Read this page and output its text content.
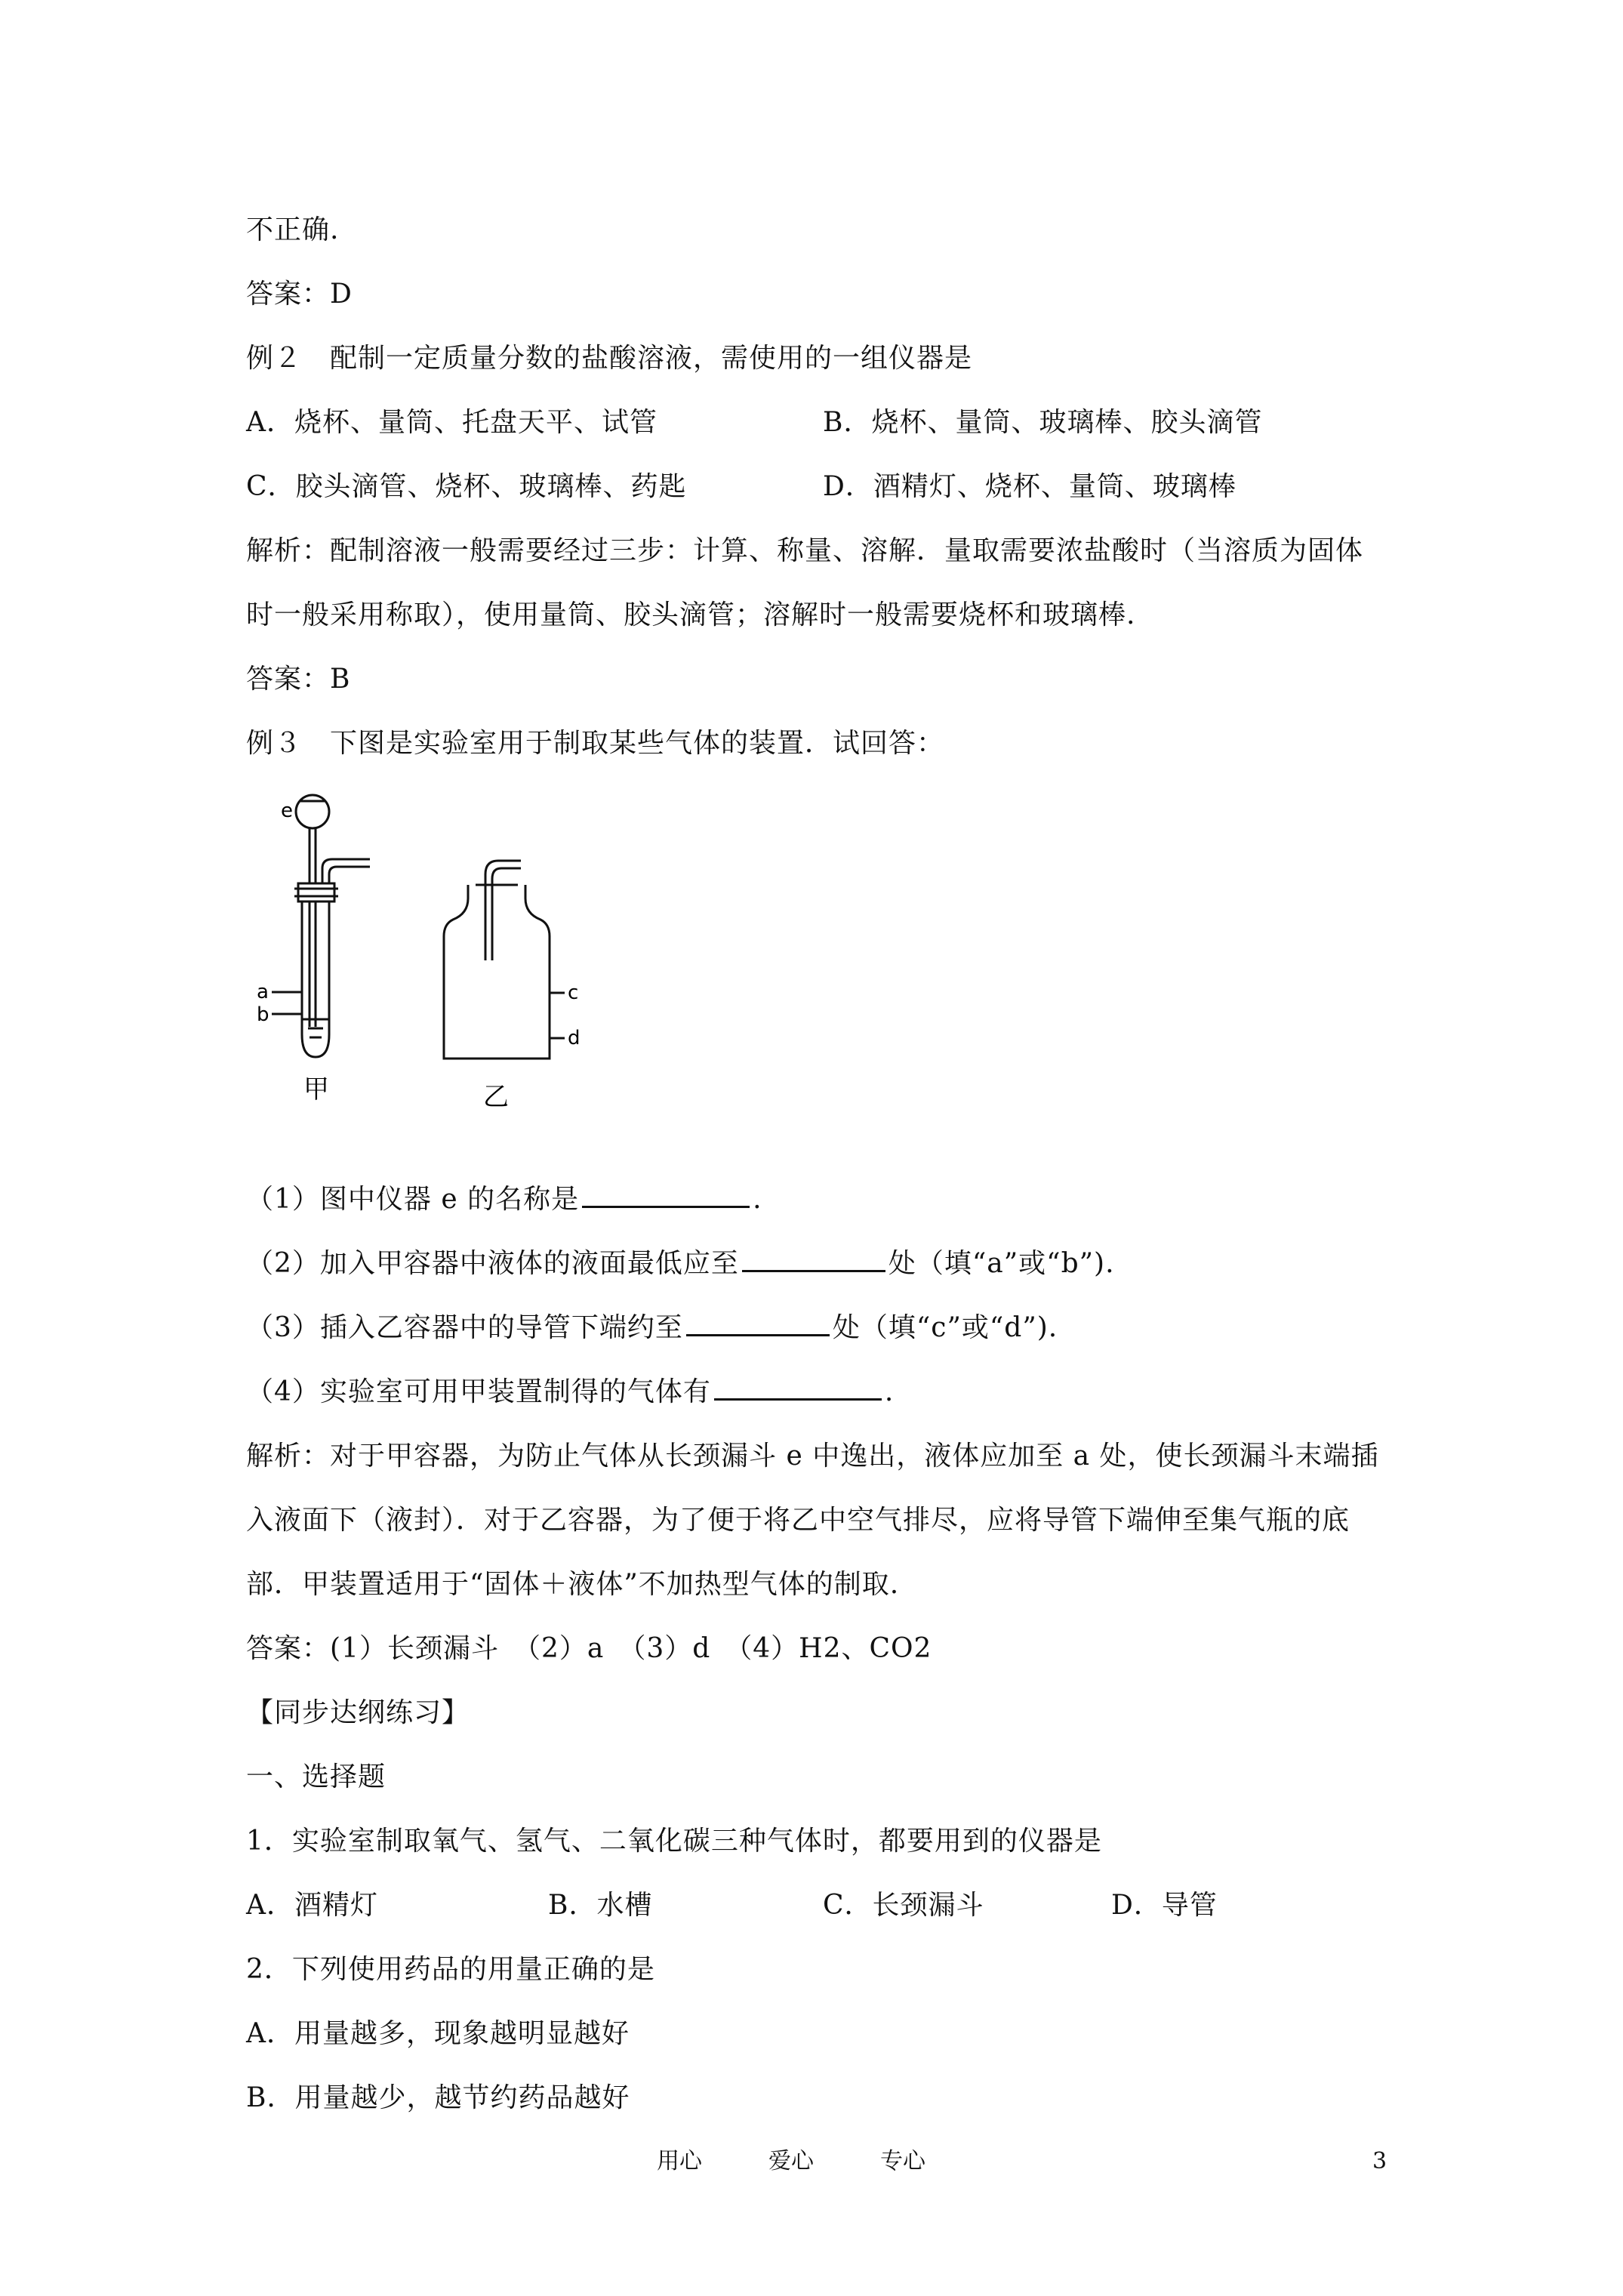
不正确.
答案：D
例２　配制一定质量分数的盐酸溶液，需使用的一组仪器是
A．烧杯、量筒、托盘天平、试管	B．烧杯、量筒、玻璃棒、胶头滴管
C．胶头滴管、烧杯、玻璃棒、药匙	D．酒精灯、烧杯、量筒、玻璃棒
解析：配制溶液一般需要经过三步：计算、称量、溶解．量取需要浓盐酸时（当溶质为固体
时一般采用称取），使用量筒、胶头滴管；溶解时一般需要烧杯和玻璃棒.
答案：B
例３　下图是实验室用于制取某些气体的装置．试回答：
e
a
b
c
d
甲	乙
（1）图中仪器 e 的名称是	.
（2）加入甲容器中液体的液面最低应至	处（填“a”或“b”).
（3）插入乙容器中的导管下端约至	处（填“c”或“d”).
（4）实验室可用甲装置制得的气体有	.
解析：对于甲容器，为防止气体从长颈漏斗 e 中逸出，液体应加至 a 处，使长颈漏斗末端插
入液面下（液封）．对于乙容器，为了便于将乙中空气排尽，应将导管下端伸至集气瓶的底
部．甲装置适用于“固体＋液体”不加热型气体的制取.
答案：(1）长颈漏斗　（2）a　（3）d　（4）H2、CO2
【同步达纲练习】
一、选择题
1．实验室制取氧气、氢气、二氧化碳三种气体时，都要用到的仪器是
A．酒精灯	B．水槽	C．长颈漏斗	D．导管
2．下列使用药品的用量正确的是
A．用量越多，现象越明显越好
B．用量越少，越节约药品越好
用心	爱心	专心	3
